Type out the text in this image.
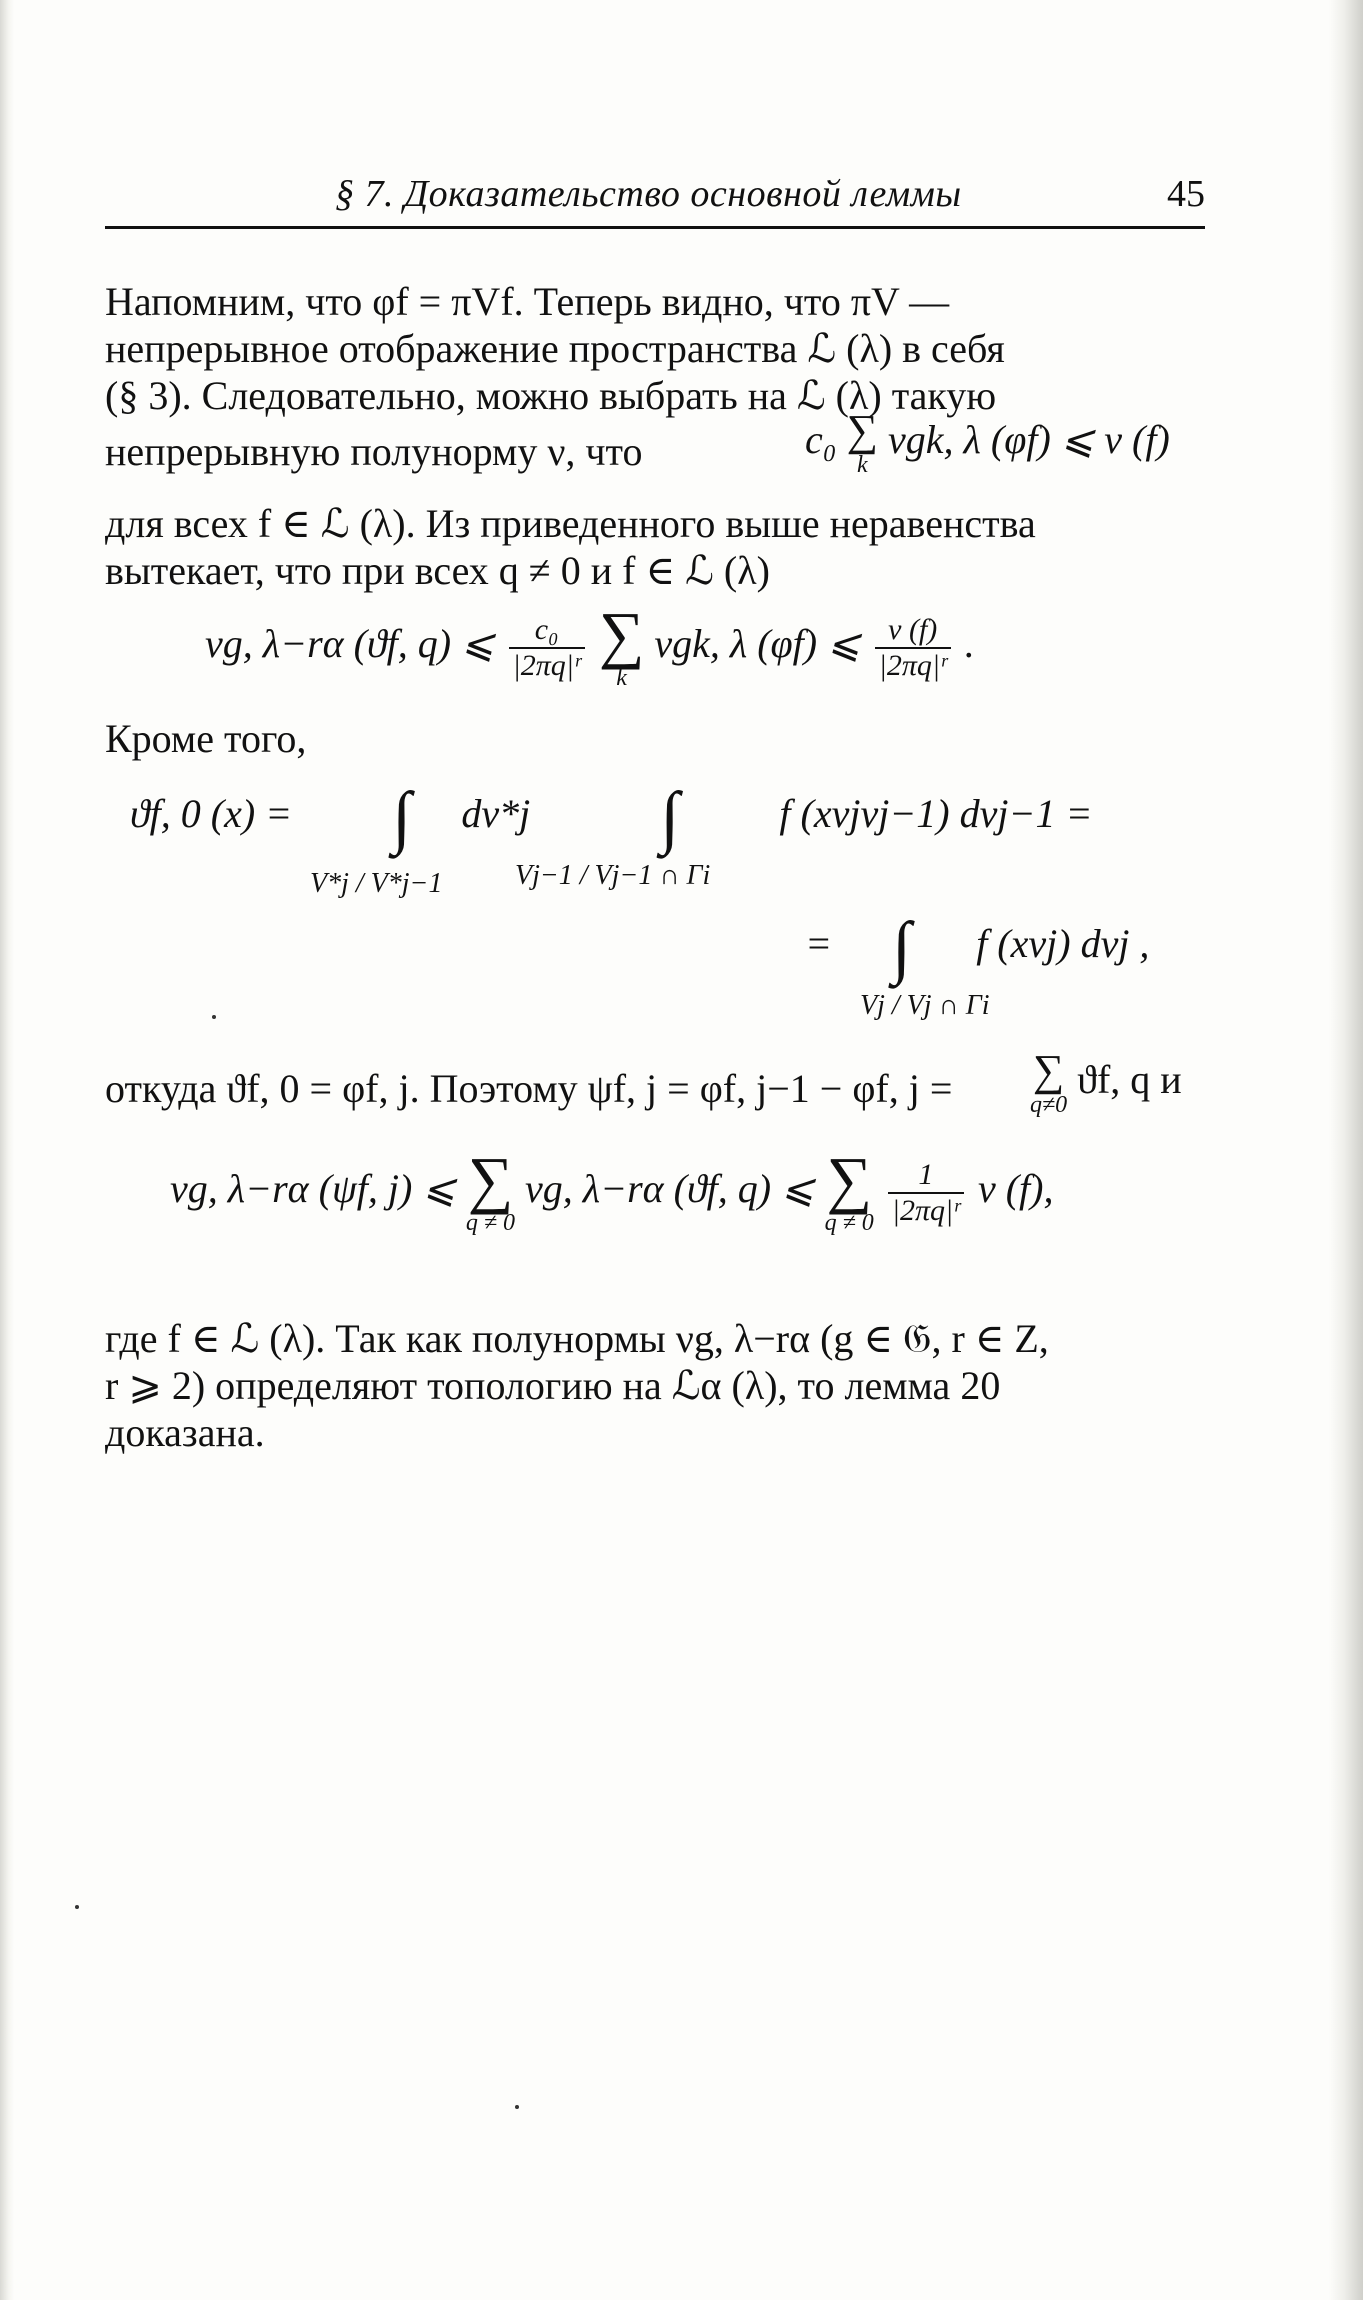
§ 7. Доказательство основной леммы	45
Напомним, что φf = πVf. Теперь видно, что πV —
непрерывное отображение пространства ℒ (λ) в себя
(§ 3). Следовательно, можно выбрать на ℒ (λ) такую
непрерывную полунорму ν, что	c₀ ∑
k
νgk, λ (φf) ⩽ ν (f)
для всех f ∈ ℒ (λ). Из приведенного выше неравенства
вытекает, что при всех q ≠ 0 и f ∈ ℒ (λ)
νg, λ−rα (ϑf, q) ⩽ $\frac{\text{c₀}}{\text{|2πq|ʳ}}$
∑
k
νgk, λ (φf) ⩽ $\frac{\nu (f)}{\text{|2πq|ʳ}}$ .
Кроме того,
ϑf, 0 (x) = ∫ dv*j ∫	f (xvjvj−1) dvj−1 =
V*j / V*j−1	Vj−1 / Vj−1 ∩ Γi
= ∫ f (xvj) dvj ,
Vj / Vj ∩ Γi
откуда ϑf, 0 = φf, j. Поэтому ψf, j = φf, j−1 − φf, j =	∑
q≠0
ϑf, q и
νg, λ−rα (ψf, j) ⩽ ∑
q ≠ 0
νg, λ−rα (ϑf, q) ⩽ ∑
q ≠ 0
$\frac{1}{\text{|2πq|ʳ}}$ ν (f),
где f ∈ ℒ (λ). Так как полунормы νg, λ−rα (g ∈ 𝔊, r ∈ Z,
r ⩾ 2) определяют топологию на ℒα (λ), то лемма 20
доказана.
